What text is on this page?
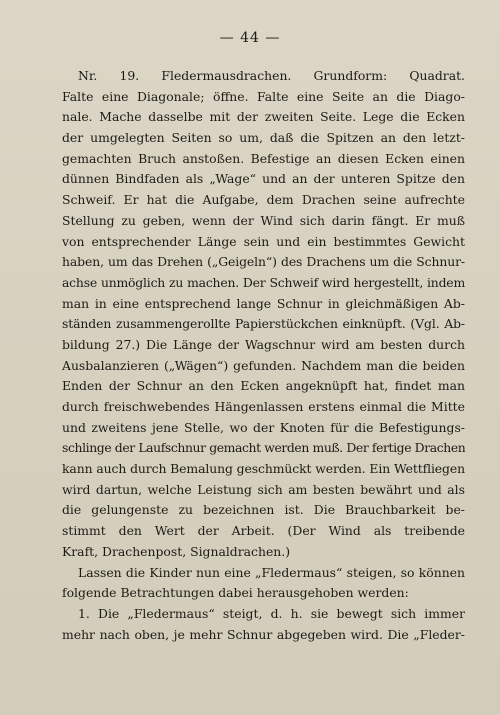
— 44 —
Nr. 19. Fledermausdrachen. Grundform: Quadrat.
Falte eine Diagonale; öffne. Falte eine Seite an die Diago-
nale. Mache dasselbe mit der zweiten Seite. Lege die Ecken
der umgelegten Seiten so um, daß die Spitzen an den letzt-
gemachten Bruch anstoßen. Befestige an diesen Ecken einen
dünnen Bindfaden als „Wage“ und an der unteren Spitze den
Schweif. Er hat die Aufgabe, dem Drachen seine aufrechte
Stellung zu geben, wenn der Wind sich darin fängt. Er muß
von entsprechender Länge sein und ein bestimmtes Gewicht
haben, um das Drehen („Geigeln“) des Drachens um die Schnur-
achse unmöglich zu machen. Der Schweif wird hergestellt, indem
man in eine entsprechend lange Schnur in gleichmäßigen Ab-
ständen zusammengerollte Papierstückchen einknüpft. (Vgl. Ab-
bildung 27.) Die Länge der Wagschnur wird am besten durch
Ausbalanzieren („Wägen“) gefunden. Nachdem man die beiden
Enden der Schnur an den Ecken angeknüpft hat, findet man
durch freischwebendes Hängenlassen erstens einmal die Mitte
und zweitens jene Stelle, wo der Knoten für die Befestigungs-
schlinge der Laufschnur gemacht werden muß. Der fertige Drachen
kann auch durch Bemalung geschmückt werden. Ein Wettfliegen
wird dartun, welche Leistung sich am besten bewährt und als
die gelungenste zu bezeichnen ist. Die Brauchbarkeit be-
stimmt den Wert der Arbeit. (Der Wind als treibende
Kraft, Drachenpost, Signaldrachen.)
Lassen die Kinder nun eine „Fledermaus“ steigen, so können
folgende Betrachtungen dabei herausgehoben werden:
1. Die „Fledermaus“ steigt, d. h. sie bewegt sich immer
mehr nach oben, je mehr Schnur abgegeben wird. Die „Fleder-
